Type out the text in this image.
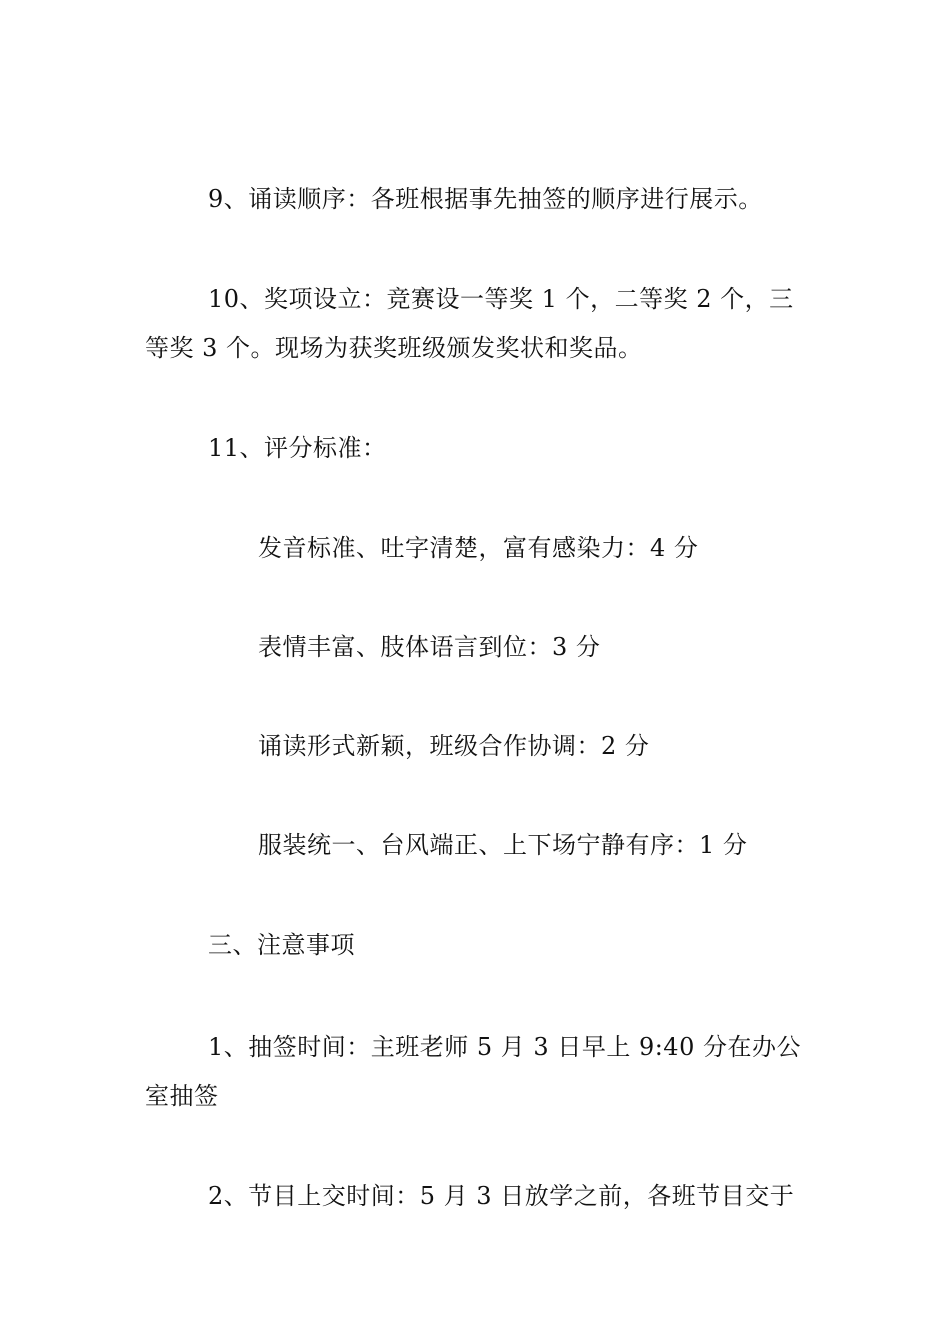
9、诵读顺序：各班根据事先抽签的顺序进行展示。
10、奖项设立：竞赛设一等奖 1 个，二等奖 2 个，三
等奖 3 个。现场为获奖班级颁发奖状和奖品。
11、评分标准：
发音标准、吐字清楚，富有感染力：4 分
表情丰富、肢体语言到位：3 分
诵读形式新颖，班级合作协调：2 分
服装统一、台风端正、上下场宁静有序：1 分
三、注意事项
1、抽签时间：主班老师 5 月 3 日早上 9:40 分在办公
室抽签
2、节目上交时间：5 月 3 日放学之前，各班节目交于
